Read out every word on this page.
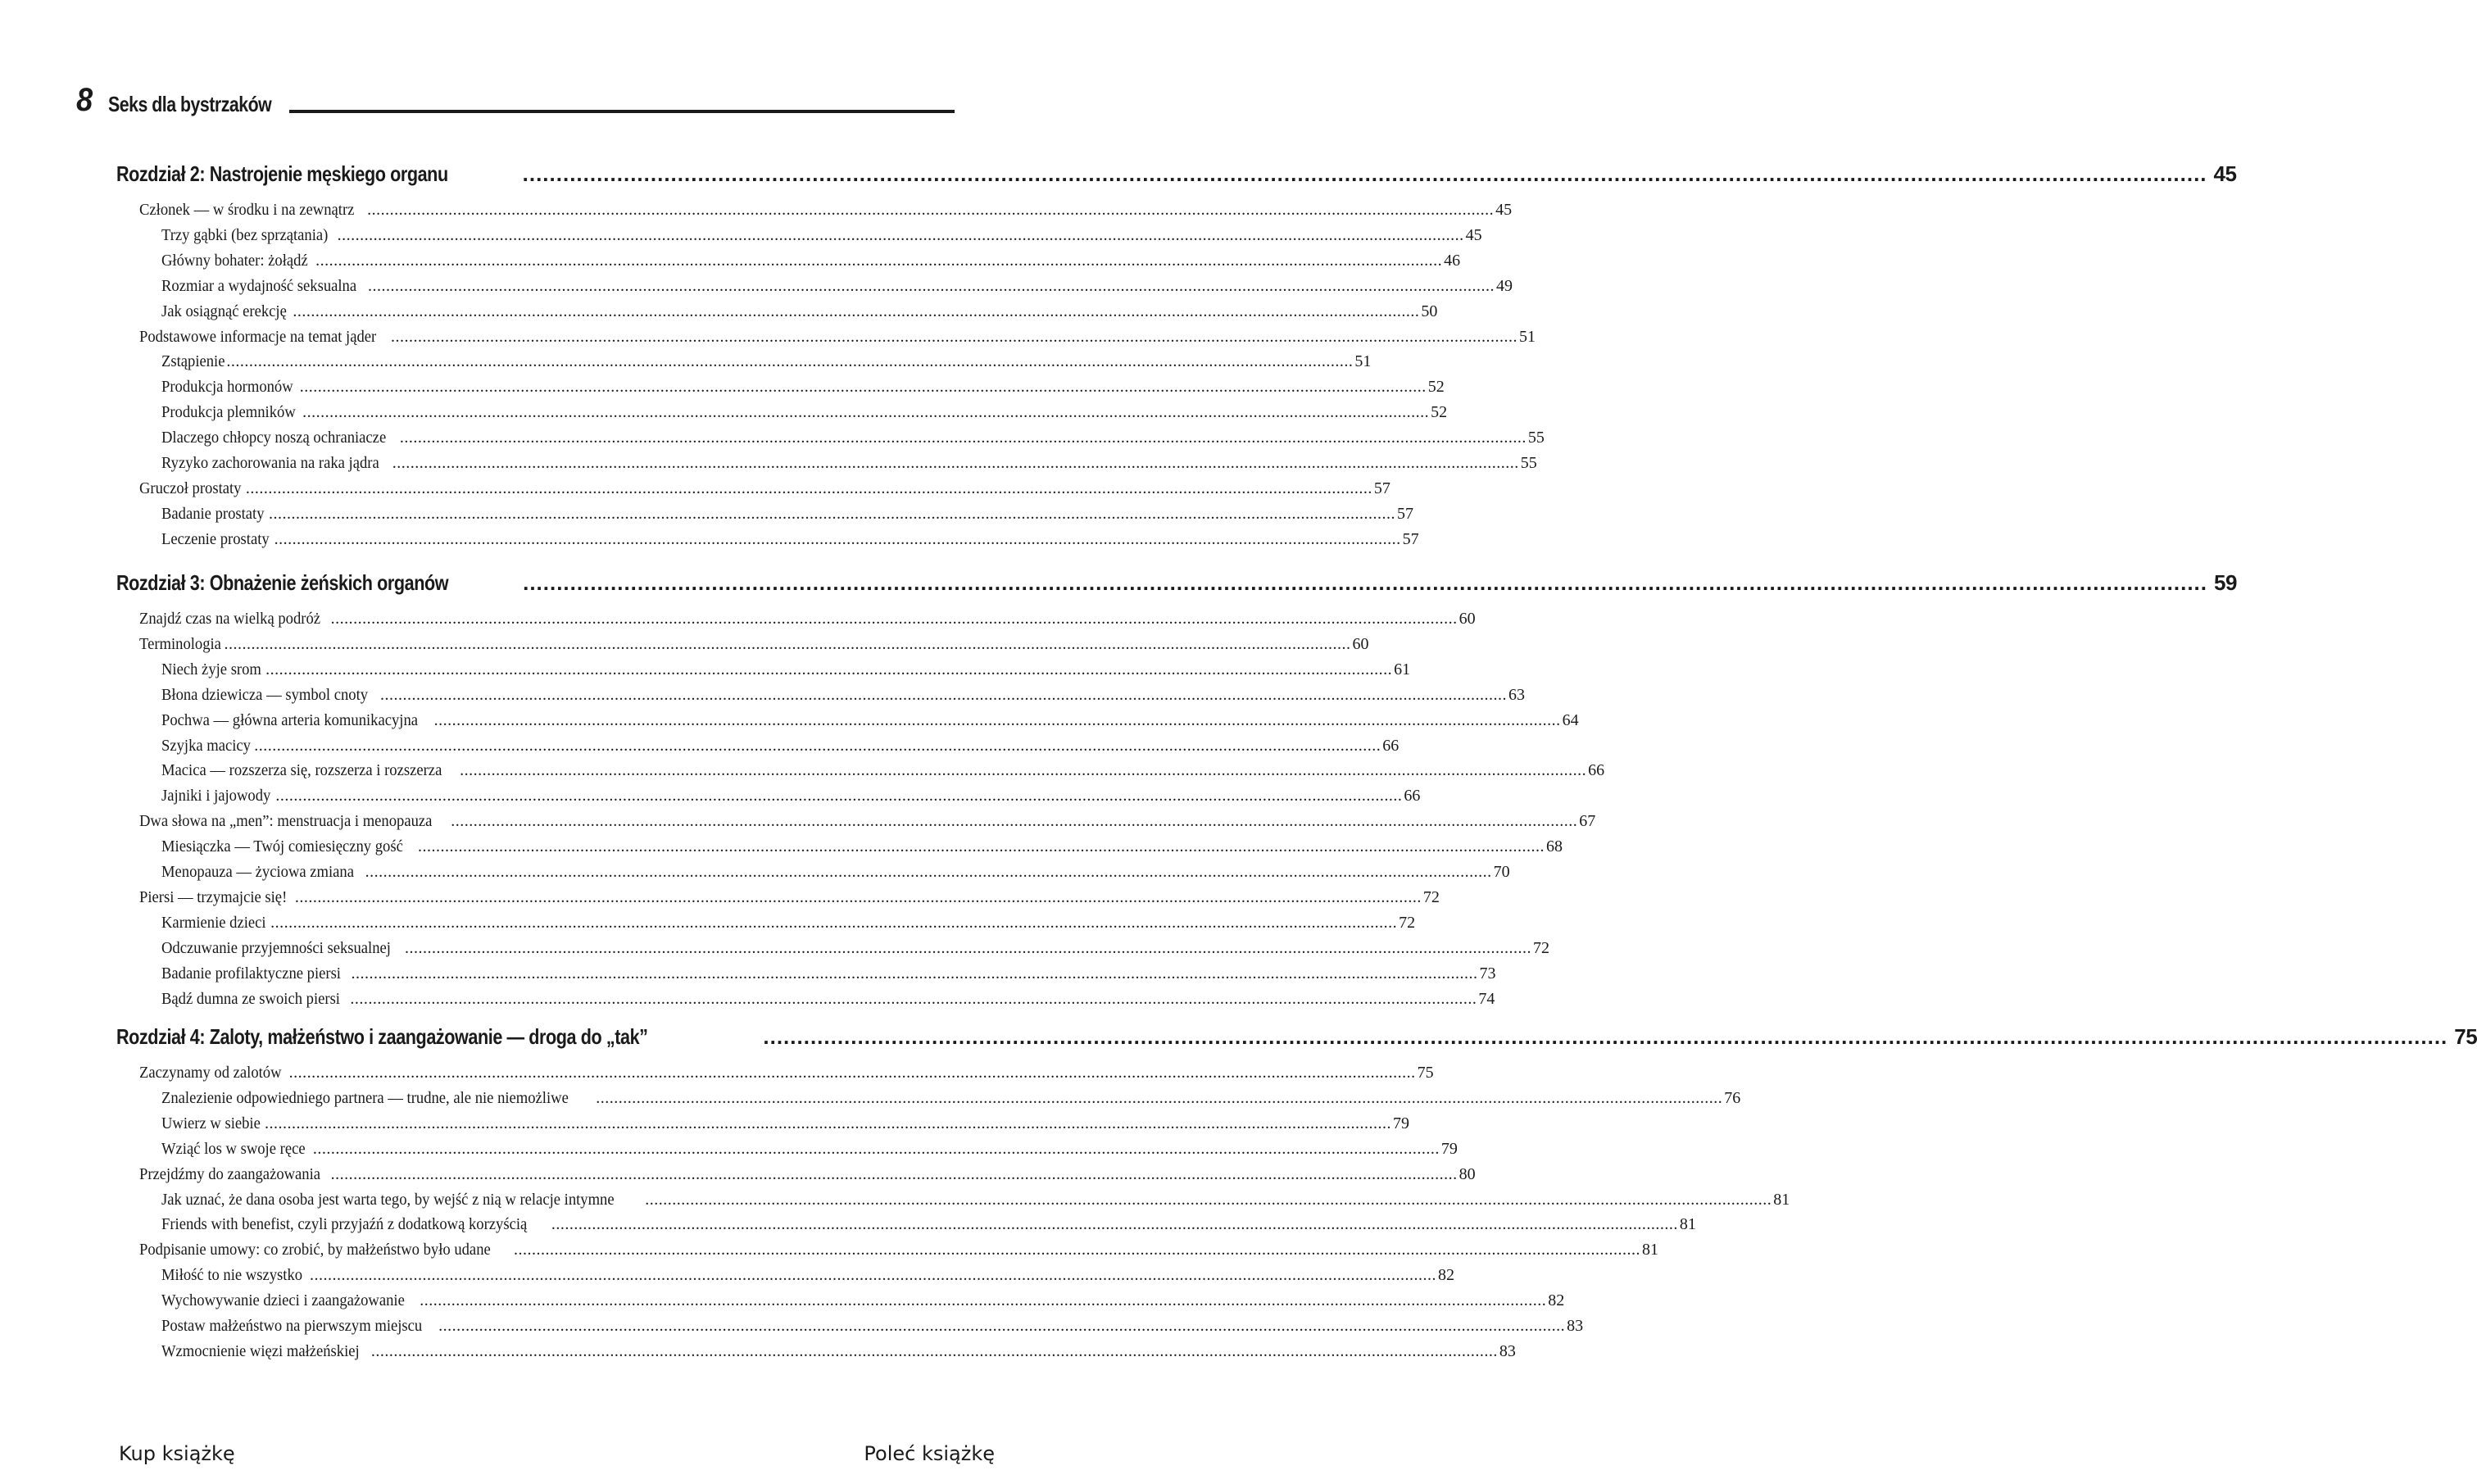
8 Seks dla bystrzaków
Rozdział 2: Nastrojenie męskiego organu	.......................................................................................................................................................................................................................................................... 45
Członek — w środku i na zewnątrz .......................................................................................................................................................................................................................................................... 45
Trzy gąbki (bez sprzątania) .......................................................................................................................................................................................................................................................... 45
Główny bohater: żołądź .......................................................................................................................................................................................................................................................... 46
Rozmiar a wydajność seksualna .......................................................................................................................................................................................................................................................... 49
Jak osiągnąć erekcję .......................................................................................................................................................................................................................................................... 50
Podstawowe informacje na temat jąder .......................................................................................................................................................................................................................................................... 51
Zstąpienie .......................................................................................................................................................................................................................................................... 51
Produkcja hormonów .......................................................................................................................................................................................................................................................... 52
Produkcja plemników .......................................................................................................................................................................................................................................................... 52
Dlaczego chłopcy noszą ochraniacze .......................................................................................................................................................................................................................................................... 55
Ryzyko zachorowania na raka jądra .......................................................................................................................................................................................................................................................... 55
Gruczoł prostaty .......................................................................................................................................................................................................................................................... 57
Badanie prostaty .......................................................................................................................................................................................................................................................... 57
Leczenie prostaty .......................................................................................................................................................................................................................................................... 57
Rozdział 3: Obnażenie żeńskich organów	.......................................................................................................................................................................................................................................................... 59
Znajdź czas na wielką podróż .......................................................................................................................................................................................................................................................... 60
Terminologia .......................................................................................................................................................................................................................................................... 60
Niech żyje srom .......................................................................................................................................................................................................................................................... 61
Błona dziewicza — symbol cnoty .......................................................................................................................................................................................................................................................... 63
Pochwa — główna arteria komunikacyjna .......................................................................................................................................................................................................................................................... 64
Szyjka macicy .......................................................................................................................................................................................................................................................... 66
Macica — rozszerza się, rozszerza i rozszerza .......................................................................................................................................................................................................................................................... 66
Jajniki i jajowody .......................................................................................................................................................................................................................................................... 66
Dwa słowa na „men”: menstruacja i menopauza .......................................................................................................................................................................................................................................................... 67
Miesiączka — Twój comiesięczny gość .......................................................................................................................................................................................................................................................... 68
Menopauza — życiowa zmiana .......................................................................................................................................................................................................................................................... 70
Piersi — trzymajcie się! .......................................................................................................................................................................................................................................................... 72
Karmienie dzieci .......................................................................................................................................................................................................................................................... 72
Odczuwanie przyjemności seksualnej .......................................................................................................................................................................................................................................................... 72
Badanie profilaktyczne piersi .......................................................................................................................................................................................................................................................... 73
Bądź dumna ze swoich piersi .......................................................................................................................................................................................................................................................... 74
Rozdział 4: Zaloty, małżeństwo i zaangażowanie — droga do „tak”	.......................................................................................................................................................................................................................................................... 75
Zaczynamy od zalotów .......................................................................................................................................................................................................................................................... 75
Znalezienie odpowiedniego partnera — trudne, ale nie niemożliwe .......................................................................................................................................................................................................................................................... 76
Uwierz w siebie .......................................................................................................................................................................................................................................................... 79
Wziąć los w swoje ręce .......................................................................................................................................................................................................................................................... 79
Przejdźmy do zaangażowania .......................................................................................................................................................................................................................................................... 80
Jak uznać, że dana osoba jest warta tego, by wejść z nią w relacje intymne .......................................................................................................................................................................................................................................................... 81
Friends with benefist, czyli przyjaźń z dodatkową korzyścią .......................................................................................................................................................................................................................................................... 81
Podpisanie umowy: co zrobić, by małżeństwo było udane .......................................................................................................................................................................................................................................................... 81
Miłość to nie wszystko .......................................................................................................................................................................................................................................................... 82
Wychowywanie dzieci i zaangażowanie .......................................................................................................................................................................................................................................................... 82
Postaw małżeństwo na pierwszym miejscu .......................................................................................................................................................................................................................................................... 83
Wzmocnienie więzi małżeńskiej .......................................................................................................................................................................................................................................................... 83
Kup książkę	Poleć książkę
